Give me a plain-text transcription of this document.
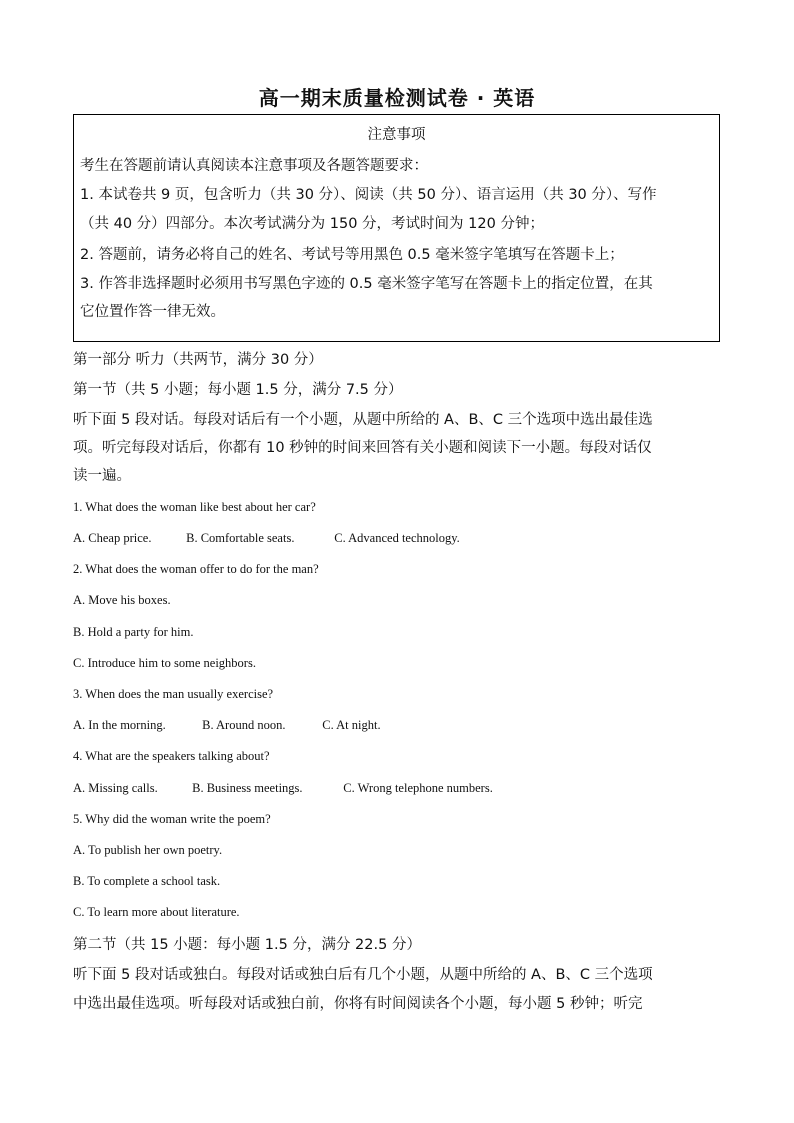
高一期末质量检测试卷 · 英语
注意事项
考生在答题前请认真阅读本注意事项及各题答题要求：
1. 本试卷共 9 页，包含听力（共 30 分）、阅读（共 50 分）、语言运用（共 30 分）、写作
（共 40 分）四部分。本次考试满分为 150 分，考试时间为 120 分钟；
2. 答题前，请务必将自己的姓名、考试号等用黑色 0.5 毫米签字笔填写在答题卡上；
3. 作答非选择题时必须用书写黑色字迹的 0.5 毫米签字笔写在答题卡上的指定位置，在其
它位置作答一律无效。
第一部分 听力（共两节，满分 30 分）
第一节（共 5 小题；每小题 1.5 分，满分 7.5 分）
听下面 5 段对话。每段对话后有一个小题，从题中所给的 A、B、C 三个选项中选出最佳选
项。听完每段对话后，你都有 10 秒钟的时间来回答有关小题和阅读下一小题。每段对话仅
读一遍。
1. What does the woman like best about her car?
A. Cheap price.	B. Comfortable seats.	C. Advanced technology.
2. What does the woman offer to do for the man?
A. Move his boxes.
B. Hold a party for him.
C. Introduce him to some neighbors.
3. When does the man usually exercise?
A. In the morning.	B. Around noon.	C. At night.
4. What are the speakers talking about?
A. Missing calls.	B. Business meetings.	C. Wrong telephone numbers.
5. Why did the woman write the poem?
A. To publish her own poetry.
B. To complete a school task.
C. To learn more about literature.
第二节（共 15 小题：每小题 1.5 分，满分 22.5 分）
听下面 5 段对话或独白。每段对话或独白后有几个小题，从题中所给的 A、B、C 三个选项
中选出最佳选项。听每段对话或独白前，你将有时间阅读各个小题，每小题 5 秒钟；听完
